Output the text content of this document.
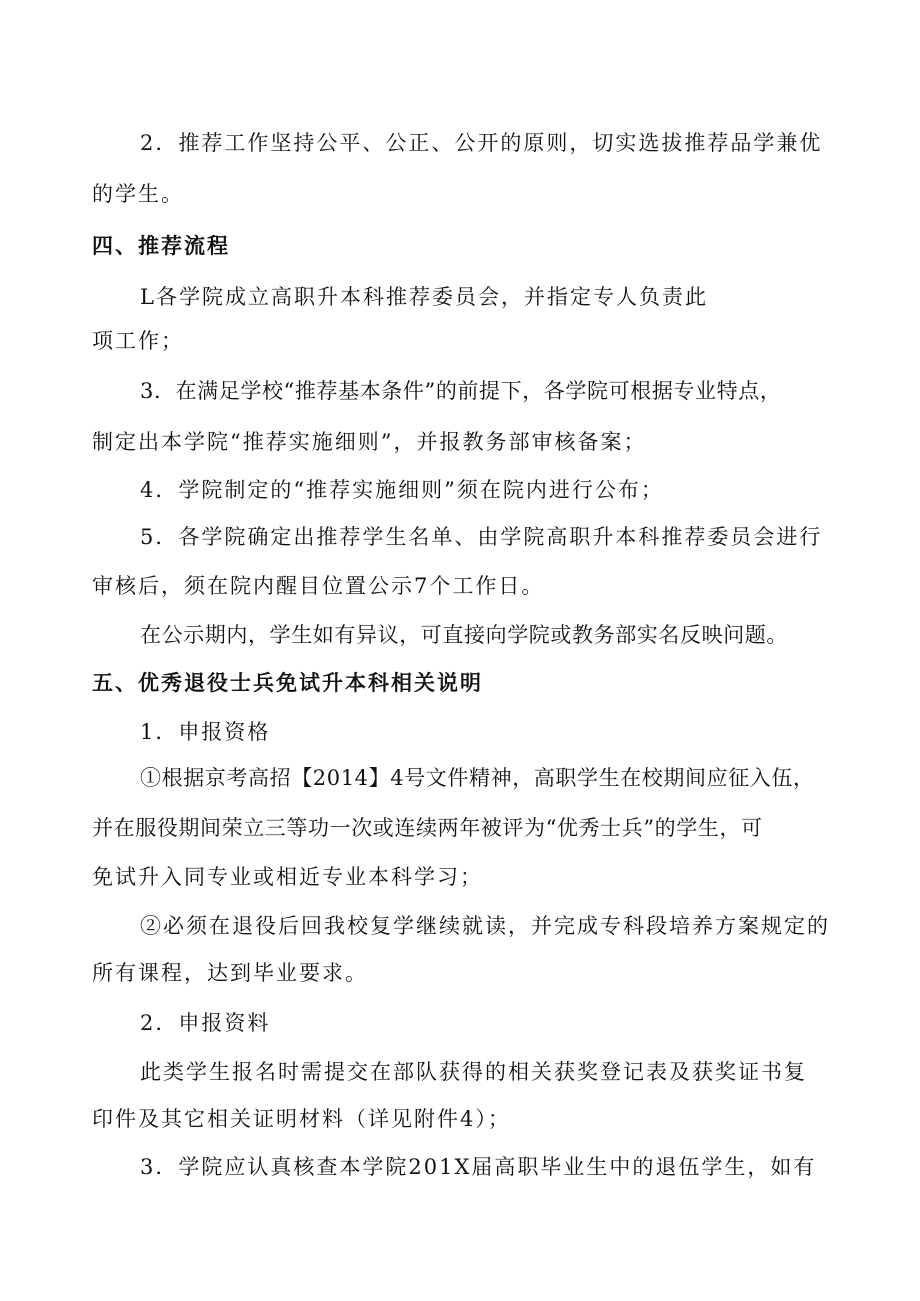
2．推荐工作坚持公平、公正、公开的原则，切实选拔推荐品学兼优
的学生。
四、推荐流程
L各学院成立高职升本科推荐委员会，并指定专人负责此
项工作；
3．在满足学校“推荐基本条件”的前提下，各学院可根据专业特点，
制定出本学院“推荐实施细则”，并报教务部审核备案；
4．学院制定的“推荐实施细则”须在院内进行公布；
5．各学院确定出推荐学生名单、由学院高职升本科推荐委员会进行
审核后，须在院内醒目位置公示7个工作日。
在公示期内，学生如有异议，可直接向学院或教务部实名反映问题。
五、优秀退役士兵免试升本科相关说明
1．申报资格
①根据京考高招【2014】4号文件精神，高职学生在校期间应征入伍，
并在服役期间荣立三等功一次或连续两年被评为“优秀士兵”的学生，可
免试升入同专业或相近专业本科学习；
②必须在退役后回我校复学继续就读，并完成专科段培养方案规定的
所有课程，达到毕业要求。
2．申报资料
此类学生报名时需提交在部队获得的相关获奖登记表及获奖证书复
印件及其它相关证明材料（详见附件4）；
3．学院应认真核查本学院201X届高职毕业生中的退伍学生，如有
